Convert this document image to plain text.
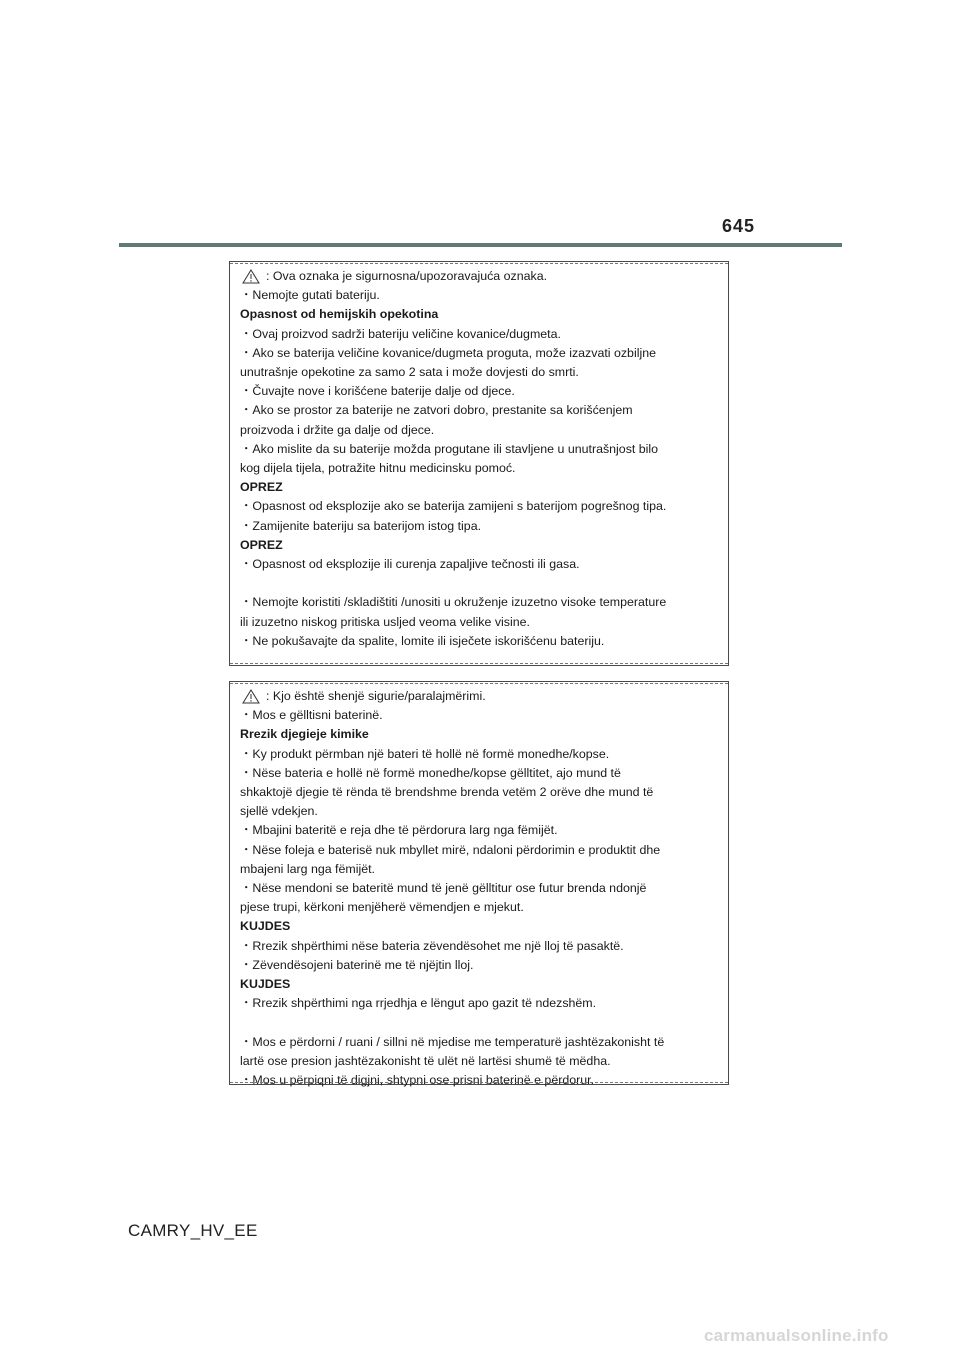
645
: Ova oznaka je sigurnosna/upozoravajuća oznaka.
・Nemojte gutati bateriju.
Opasnost od hemijskih opekotina
・Ovaj proizvod sadrži bateriju veličine kovanice/dugmeta.
・Ako se baterija veličine kovanice/dugmeta proguta, može izazvati ozbiljne
unutrašnje opekotine za samo 2 sata i može dovjesti do smrti.
・Čuvajte nove i korišćene baterije dalje od djece.
・Ako se prostor za baterije ne zatvori dobro, prestanite sa korišćenjem
proizvoda i držite ga dalje od djece.
・Ako mislite da su baterije možda progutane ili stavljene u unutrašnjost bilo
kog dijela tijela, potražite hitnu medicinsku pomoć.
OPREZ
・Opasnost od eksplozije ako se baterija zamijeni s baterijom pogrešnog tipa.
・Zamijenite bateriju sa baterijom istog tipa.
OPREZ
・Opasnost od eksplozije ili curenja zapaljive tečnosti ili gasa.
・Nemojte koristiti /skladištiti /unositi u okruženje izuzetno visoke temperature
ili izuzetno niskog pritiska usljed veoma velike visine.
・Ne pokušavajte da spalite, lomite ili isječete iskorišćenu bateriju.
: Kjo është shenjë sigurie/paralajmërimi.
・Mos e gëlltisni baterinë.
Rrezik djegieje kimike
・Ky produkt përmban një bateri të hollë në formë monedhe/kopse.
・Nëse bateria e hollë në formë monedhe/kopse gëlltitet, ajo mund të
shkaktojë djegie të rënda të brendshme brenda vetëm 2 orëve dhe mund të
sjellë vdekjen.
・Mbajini bateritë e reja dhe të përdorura larg nga fëmijët.
・Nëse foleja e baterisë nuk mbyllet mirë, ndaloni përdorimin e produktit dhe
mbajeni larg nga fëmijët.
・Nëse mendoni se bateritë mund të jenë gëlltitur ose futur brenda ndonjë
pjese trupi, kërkoni menjëherë vëmendjen e mjekut.
KUJDES
・Rrezik shpërthimi nëse bateria zëvendësohet me një lloj të pasaktë.
・Zëvendësojeni baterinë me të njëjtin lloj.
KUJDES
・Rrezik shpërthimi nga rrjedhja e lëngut apo gazit të ndezshëm.
・Mos e përdorni / ruani / sillni në mjedise me temperaturë jashtëzakonisht të
lartë ose presion jashtëzakonisht të ulët në lartësi shumë të mëdha.
・Mos u përpiqni të digjni, shtypni ose prisni baterinë e përdorur.
CAMRY_HV_EE
carmanualsonline.info
